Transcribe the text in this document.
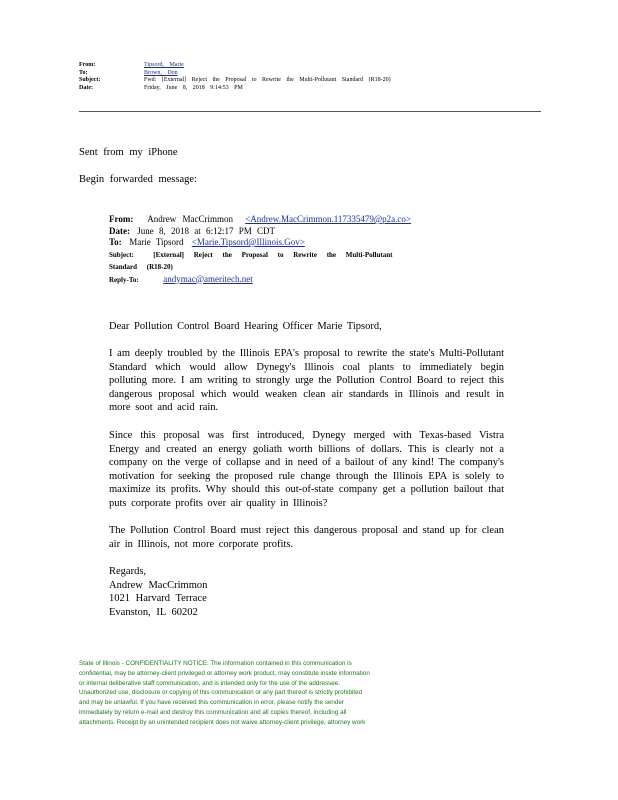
From:	Tipsord, Marie
To:	Brown, Don
Subject:	Fwd: [External] Reject the Proposal to Rewrite the Multi-Pollutant Standard (R18-20)
Date:	Friday, June 8, 2018 9:14:53 PM
Sent from my iPhone
Begin forwarded message:
From: Andrew MacCrimmon <Andrew.MacCrimmon.117335479@p2a.co>
Date: June 8, 2018 at 6:12:17 PM CDT
To: Marie Tipsord <Marie.Tipsord@Illinois.Gov>
Subject:	[External] Reject the Proposal to Rewrite the Multi-Pollutant
Standard (R18-20)
Reply-To:	andymac@ameritech.net
Dear Pollution Control Board Hearing Officer Marie Tipsord,

I am deeply troubled by the Illinois EPA's proposal to rewrite the state's Multi-Pollutant Standard which would allow Dynegy's Illinois coal plants to immediately begin polluting more. I am writing to strongly urge the Pollution Control Board to reject this dangerous proposal which would weaken clean air standards in Illinois and result in more soot and acid rain.

Since this proposal was first introduced, Dynegy merged with Texas-based Vistra Energy and created an energy goliath worth billions of dollars. This is clearly not a company on the verge of collapse and in need of a bailout of any kind! The company's motivation for seeking the proposed rule change through the Illinois EPA is solely to maximize its profits. Why should this out-of-state company get a pollution bailout that puts corporate profits over air quality in Illinois?

The Pollution Control Board must reject this dangerous proposal and stand up for clean air in Illinois, not more corporate profits.

Regards,
Andrew MacCrimmon
1021 Harvard Terrace
Evanston, IL 60202
State of Illinois - CONFIDENTIALITY NOTICE: The information contained in this communication is
confidential, may be attorney-client privileged or attorney work product, may constitute inside information
or internal deliberative staff communication, and is intended only for the use of the addressee.
Unauthorized use, disclosure or copying of this communication or any part thereof is strictly prohibited
and may be unlawful. If you have received this communication in error, please notify the sender
immediately by return e-mail and destroy this communication and all copies thereof, including all
attachments. Receipt by an unintended recipient does not waive attorney-client privilege, attorney work
